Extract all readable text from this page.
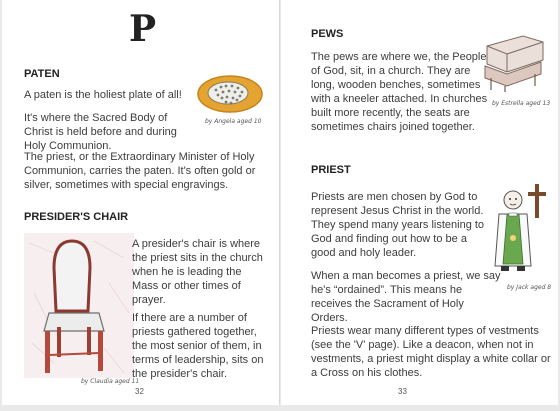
P
PATEN

A paten is the holiest plate of all!

It's where the Sacred Body of Christ is held before and during Holy Communion.

The priest, or the Extraordinary Minister of Holy Communion, carries the paten. It's often gold or silver, sometimes with special engravings.

by Angela aged 10
PRESIDER'S CHAIR
by Claudia aged 11

A presider's chair is where the priest sits in the church when he is leading the Mass or other times of prayer.

If there are a number of priests gathered together, the most senior of them, in terms of leadership, sits on the presider's chair.

32
PEWS

The pews are where we, the People of God, sit, in a church. They are long, wooden benches, sometimes with a kneeler attached. In churches built more recently, the seats are sometimes chairs joined together.

by Estrella aged 13
PRIEST

Priests are men chosen by God to represent Jesus Christ in the world. They spend many years listening to God and finding out how to be a good and holy leader.

When a man becomes a priest, we say he's “ordained”. This means he receives the Sacrament of Holy Orders.

Priests wear many different types of vestments (see the 'V' page). Like a deacon, when not in vestments, a priest might display a white collar or a Cross on his clothes.

by Jack aged 8
33
